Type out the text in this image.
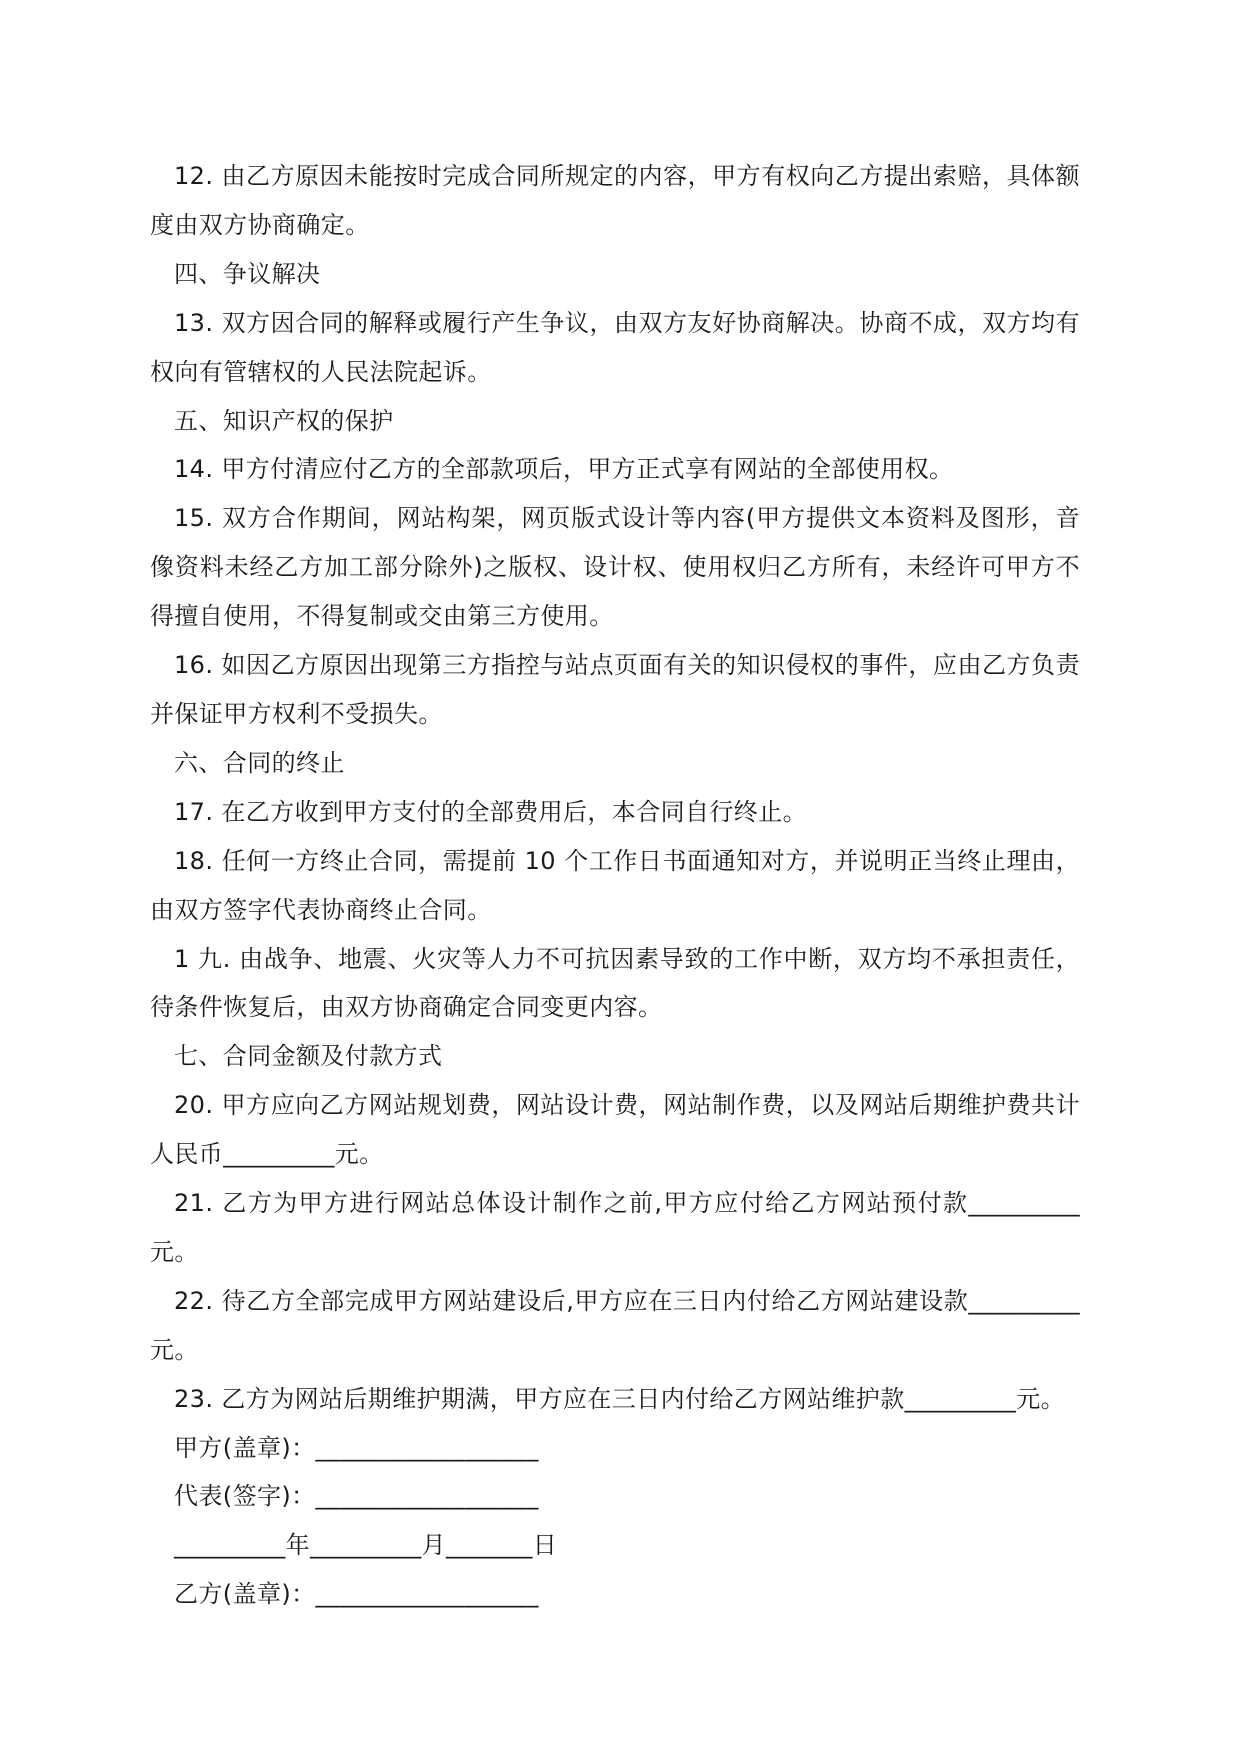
12. 由乙方原因未能按时完成合同所规定的内容，甲方有权向乙方提出索赔，具体额度由双方协商确定。

四、争议解决

13. 双方因合同的解释或履行产生争议，由双方友好协商解决。协商不成，双方均有权向有管辖权的人民法院起诉。

五、知识产权的保护

14. 甲方付清应付乙方的全部款项后，甲方正式享有网站的全部使用权。

15. 双方合作期间，网站构架，网页版式设计等内容(甲方提供文本资料及图形，音像资料未经乙方加工部分除外)之版权、设计权、使用权归乙方所有，未经许可甲方不得擅自使用，不得复制或交由第三方使用。

16. 如因乙方原因出现第三方指控与站点页面有关的知识侵权的事件，应由乙方负责并保证甲方权利不受损失。

六、合同的终止

17. 在乙方收到甲方支付的全部费用后，本合同自行终止。

18. 任何一方终止合同，需提前 10 个工作日书面通知对方，并说明正当终止理由，由双方签字代表协商终止合同。

1 九. 由战争、地震、火灾等人力不可抗因素导致的工作中断，双方均不承担责任，待条件恢复后，由双方协商确定合同变更内容。

七、合同金额及付款方式

20. 甲方应向乙方网站规划费，网站设计费，网站制作费，以及网站后期维护费共计人民币_________元。

21. 乙方为甲方进行网站总体设计制作之前,甲方应付给乙方网站预付款_________元。

22. 待乙方全部完成甲方网站建设后,甲方应在三日内付给乙方网站建设款_________元。

23. 乙方为网站后期维护期满，甲方应在三日内付给乙方网站维护款_________元。

甲方(盖章)：__________________

代表(签字)：__________________

_________年_________月_______日

乙方(盖章)：__________________
